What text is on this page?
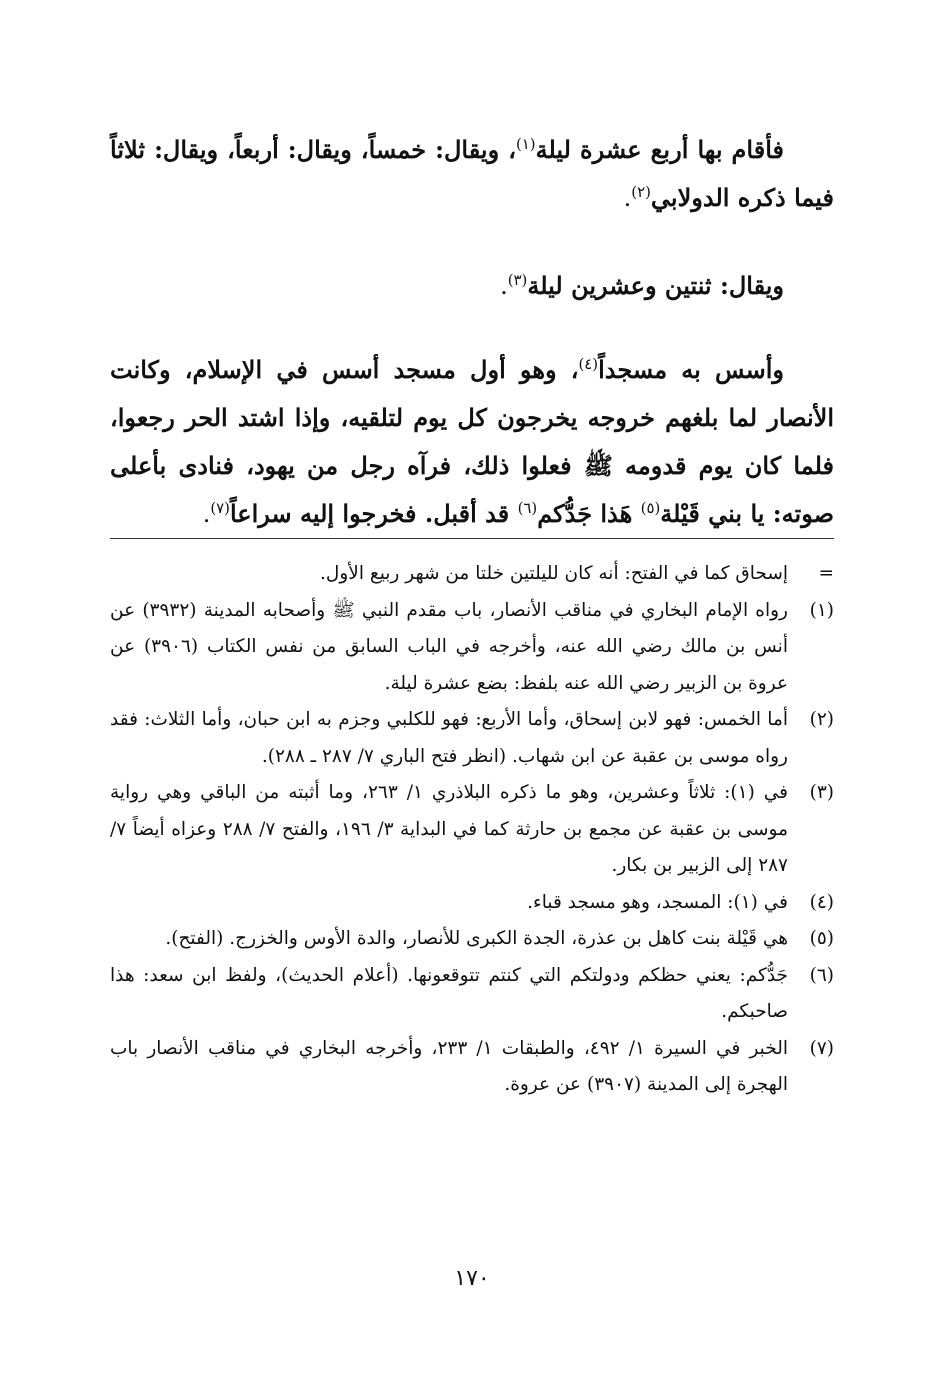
فأقام بها أربع عشرة ليلة$^{(١)}$، ويقال: خمساً، ويقال: أربعاً، ويقال: ثلاثاً فيما ذكره الدولابي$^{(٢)}$.
ويقال: ثنتين وعشرين ليلة$^{(٣)}$.
وأسس به مسجداً$^{(٤)}$، وهو أول مسجد أسس في الإسلام، وكانت الأنصار لما بلغهم خروجه يخرجون كل يوم لتلقيه، وإذا اشتد الحر رجعوا، فلما كان يوم قدومه ﷺ فعلوا ذلك، فرآه رجل من يهود، فنادى بأعلى صوته: يا بني قَيْلة$^{(٥)}$ هَذا جَدُّكم$^{(٦)}$ قد أقبل. فخرجوا إليه سراعاً$^{(٧)}$.
=
إسحاق كما في الفتح: أنه كان لليلتين خلتا من شهر ربيع الأول.
(١)
رواه الإمام البخاري في مناقب الأنصار، باب مقدم النبي ﷺ وأصحابه المدينة (٣٩٣٢) عن أنس بن مالك رضي الله عنه، وأخرجه في الباب السابق من نفس الكتاب (٣٩٠٦) عن عروة بن الزبير رضي الله عنه بلفظ: بضع عشرة ليلة.
(٢)
أما الخمس: فهو لابن إسحاق، وأما الأربع: فهو للكلبي وجزم به ابن حبان، وأما الثلاث: فقد رواه موسى بن عقبة عن ابن شهاب. (انظر فتح الباري ٧/ ٢٨٧ ـ ٢٨٨).
(٣)
في (١): ثلاثاً وعشرين، وهو ما ذكره البلاذري ١/ ٢٦٣، وما أثبته من الباقي وهي رواية موسى بن عقبة عن مجمع بن حارثة كما في البداية ٣/ ١٩٦، والفتح ٧/ ٢٨٨ وعزاه أيضاً ٧/ ٢٨٧ إلى الزبير بن بكار.
(٤)
في (١): المسجد، وهو مسجد قباء.
(٥)
هي قَيْلة بنت كاهل بن عذرة، الجدة الكبرى للأنصار، والدة الأوس والخزرج. (الفتح).
(٦)
جَدُّكم: يعني حظكم ودولتكم التي كنتم تتوقعونها. (أعلام الحديث)، ولفظ ابن سعد: هذا صاحبكم.
(٧)
الخبر في السيرة ١/ ٤٩٢، والطبقات ١/ ٢٣٣، وأخرجه البخاري في مناقب الأنصار باب الهجرة إلى المدينة (٣٩٠٧) عن عروة.
١٧٠
